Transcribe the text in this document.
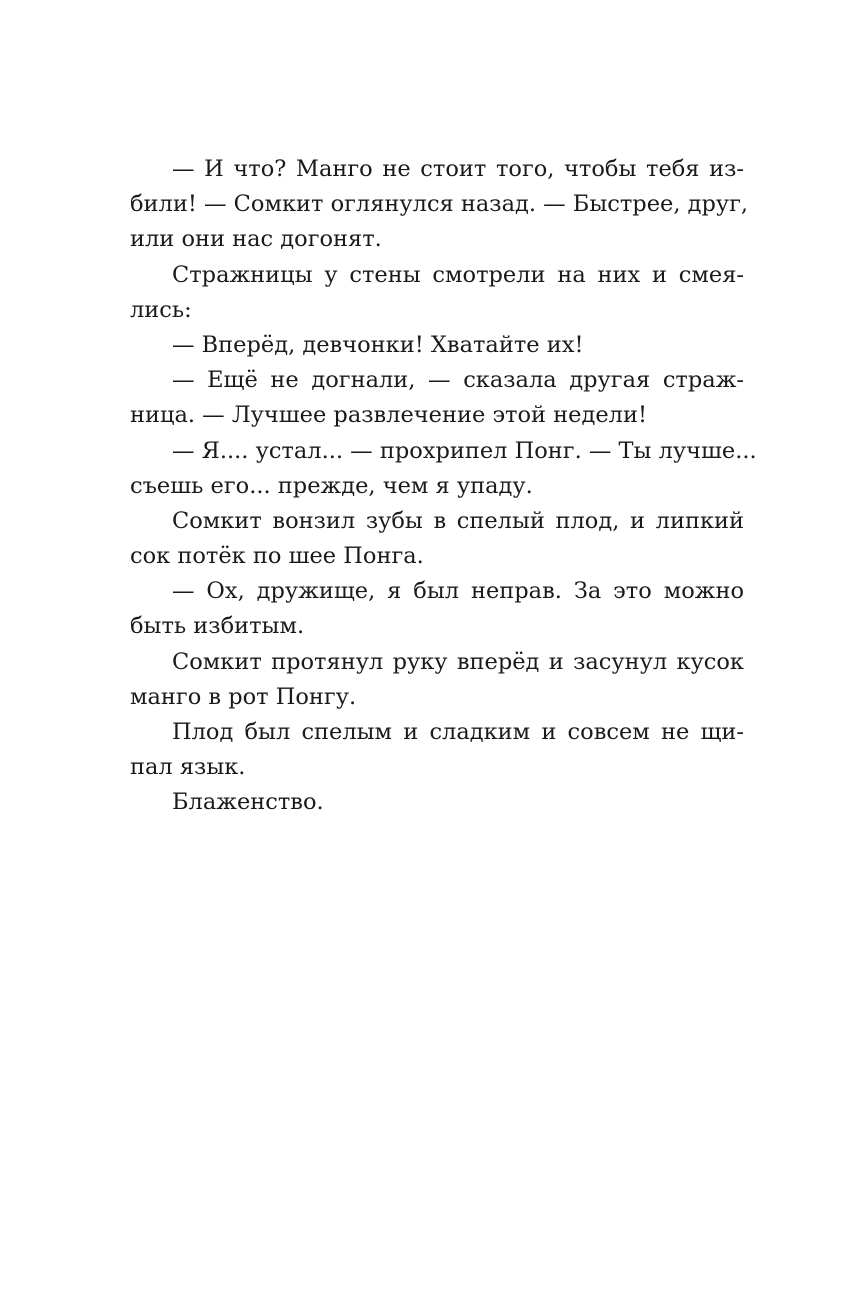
— И что? Манго не стоит того, чтобы тебя из-
били! — Сомкит оглянулся назад. — Быстрее, друг,
или они нас догонят.
Стражницы у стены смотрели на них и смея-
лись:
— Вперёд, девчонки! Хватайте их!
— Ещё не догнали, — сказала другая страж-
ница. — Лучшее развлечение этой недели!
— Я.... устал... — прохрипел Понг. — Ты лучше...
съешь его... прежде, чем я упаду.
Сомкит вонзил зубы в спелый плод, и липкий
сок потёк по шее Понга.
— Ох, дружище, я был неправ. За это можно
быть избитым.
Сомкит протянул руку вперёд и засунул кусок
манго в рот Понгу.
Плод был спелым и сладким и совсем не щи-
пал язык.
Блаженство.
